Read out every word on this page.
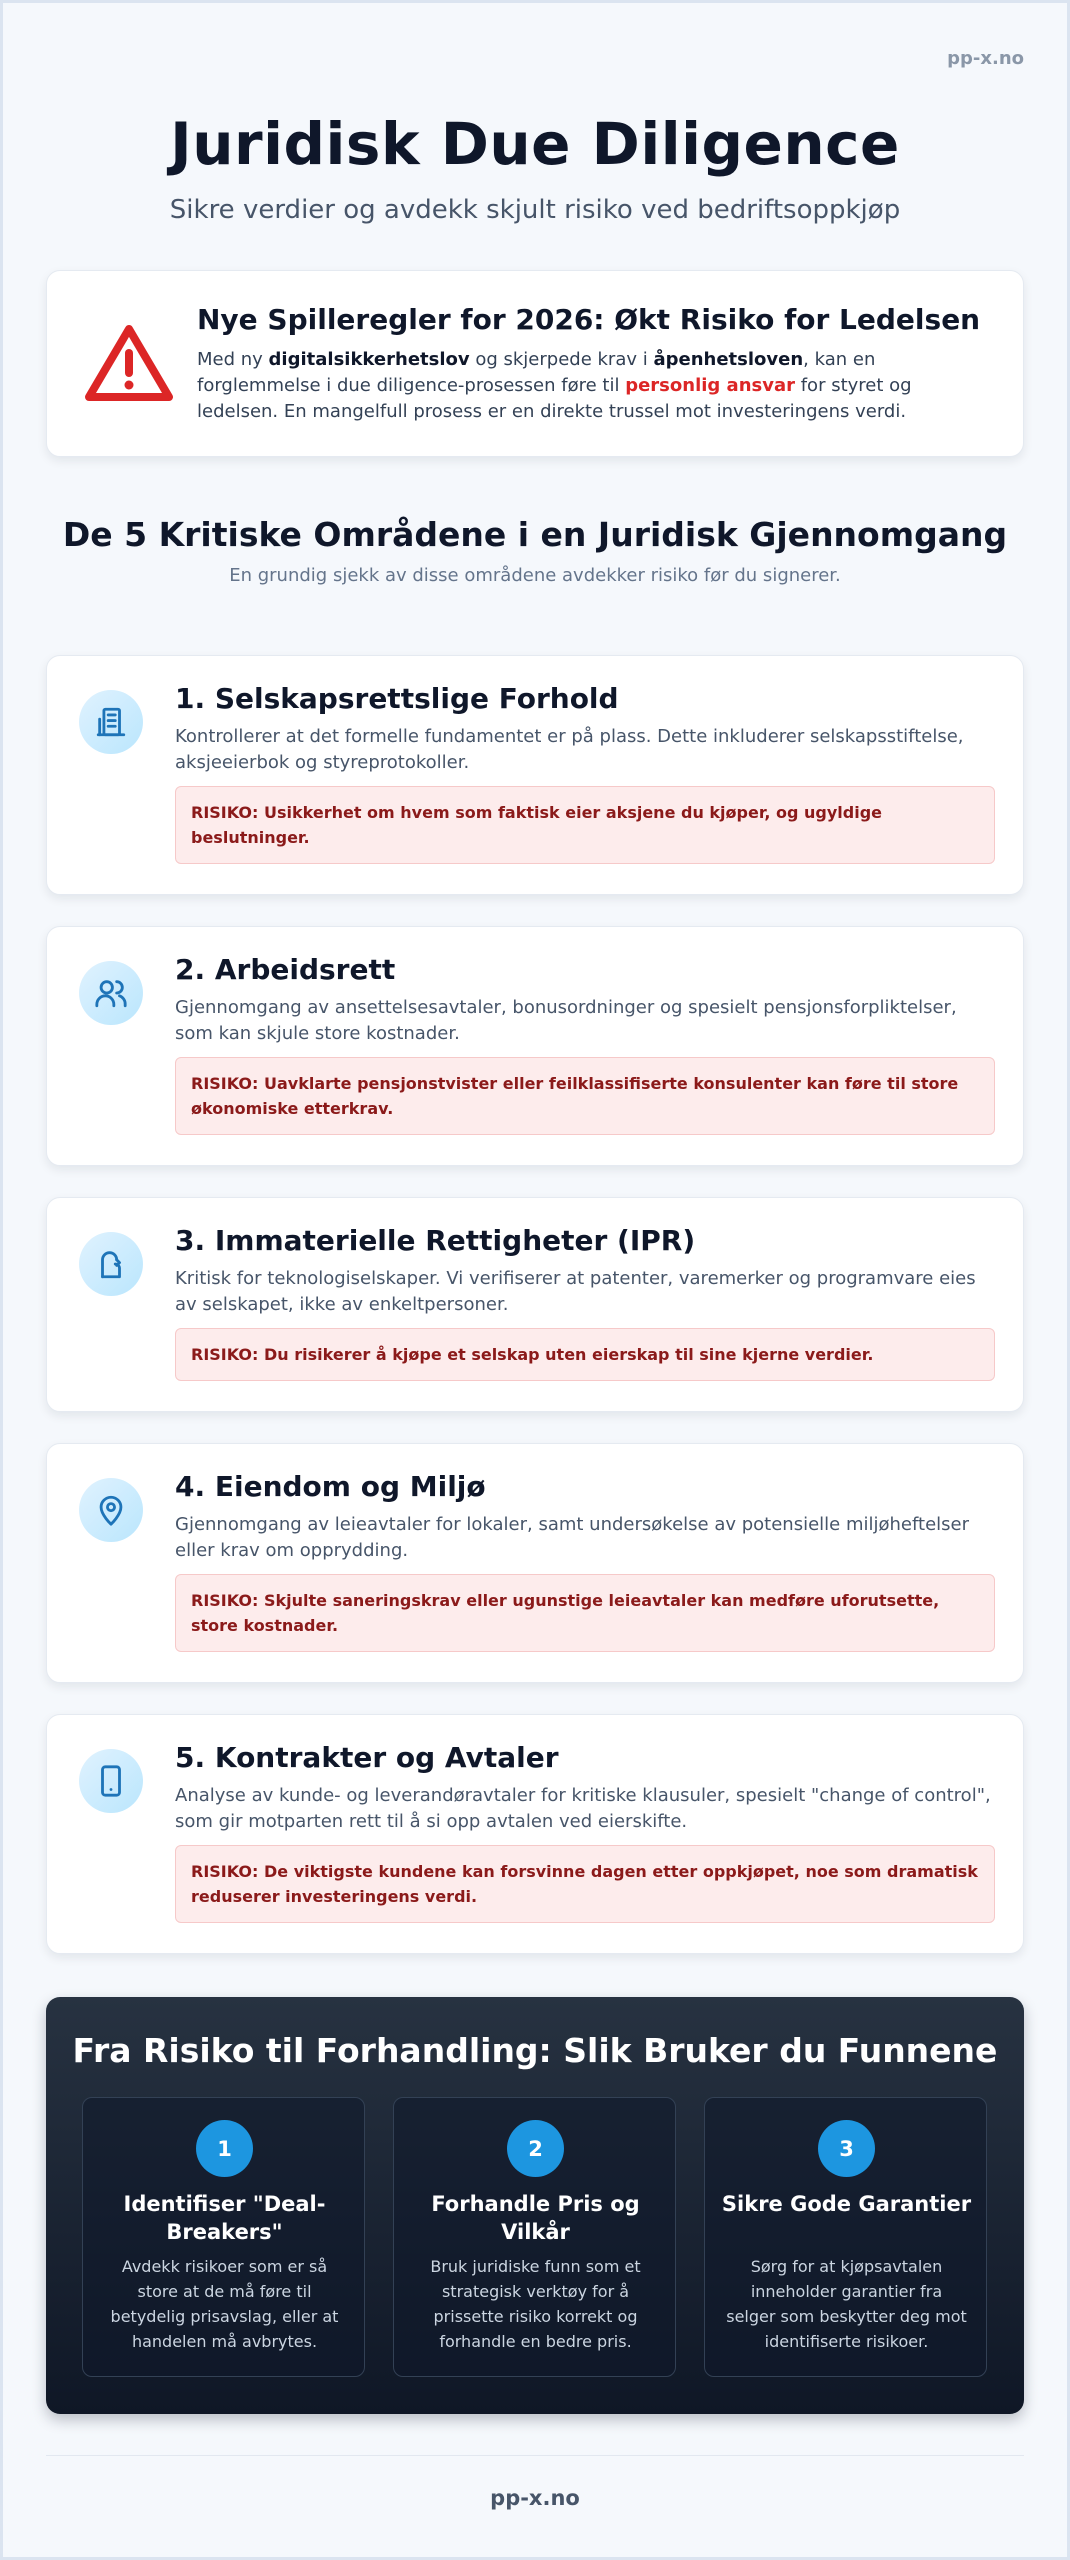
pp-x.no
Juridisk Due Diligence
Sikre verdier og avdekk skjult risiko ved bedriftsoppkjøp
Nye Spilleregler for 2026: Økt Risiko for Ledelsen
Med ny digitalsikkerhetslov og skjerpede krav i åpenhetsloven, kan en forglemmelse i due diligence-prosessen føre til personlig ansvar for styret og ledelsen. En mangelfull prosess er en direkte trussel mot investeringens verdi.
De 5 Kritiske Områdene i en Juridisk Gjennomgang
En grundig sjekk av disse områdene avdekker risiko før du signerer.
1. Selskapsrettslige Forhold
Kontrollerer at det formelle fundamentet er på plass. Dette inkluderer selskapsstiftelse, aksjeeierbok og styreprotokoller.
RISIKO: Usikkerhet om hvem som faktisk eier aksjene du kjøper, og ugyldige beslutninger.
2. Arbeidsrett
Gjennomgang av ansettelsesavtaler, bonusordninger og spesielt pensjonsforpliktelser, som kan skjule store kostnader.
RISIKO: Uavklarte pensjonstvister eller feilklassifiserte konsulenter kan føre til store økonomiske etterkrav.
3. Immaterielle Rettigheter (IPR)
Kritisk for teknologiselskaper. Vi verifiserer at patenter, varemerker og programvare eies av selskapet, ikke av enkeltpersoner.
RISIKO: Du risikerer å kjøpe et selskap uten eierskap til sine kjerne verdier.
4. Eiendom og Miljø
Gjennomgang av leieavtaler for lokaler, samt undersøkelse av potensielle miljøheftelser eller krav om opprydding.
RISIKO: Skjulte saneringskrav eller ugunstige leieavtaler kan medføre uforutsette, store kostnader.
5. Kontrakter og Avtaler
Analyse av kunde- og leverandøravtaler for kritiske klausuler, spesielt "change of control", som gir motparten rett til å si opp avtalen ved eierskifte.
RISIKO: De viktigste kundene kan forsvinne dagen etter oppkjøpet, noe som dramatisk reduserer investeringens verdi.
Fra Risiko til Forhandling: Slik Bruker du Funnene
1
Identifiser "Deal-Breakers"
Avdekk risikoer som er så store at de må føre til betydelig prisavslag, eller at handelen må avbrytes.
2
Forhandle Pris og Vilkår
Bruk juridiske funn som et strategisk verktøy for å prissette risiko korrekt og forhandle en bedre pris.
3
Sikre Gode Garantier
Sørg for at kjøpsavtalen inneholder garantier fra selger som beskytter deg mot identifiserte risikoer.
pp-x.no
